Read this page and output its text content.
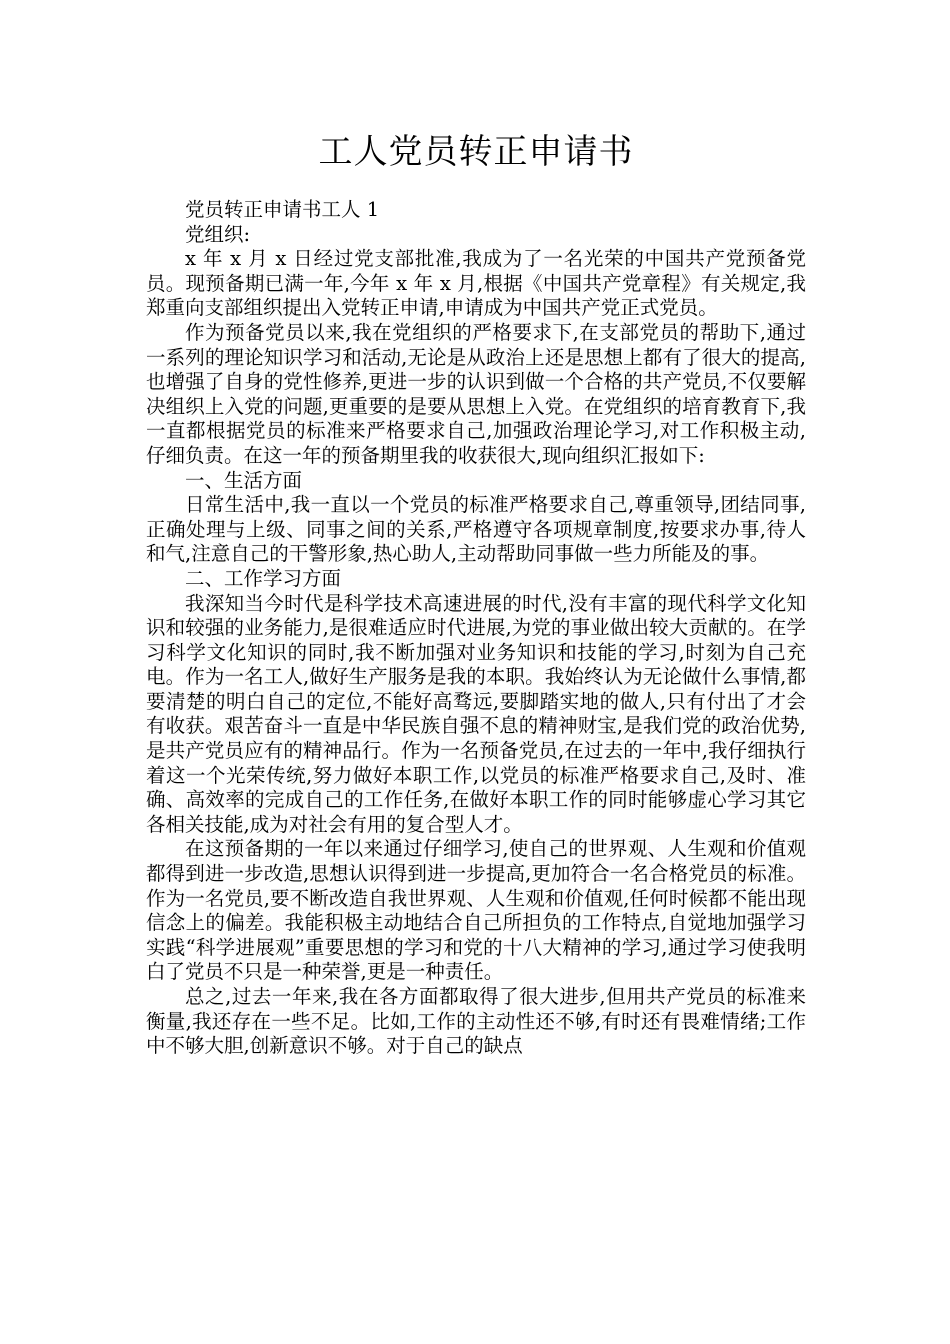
工人党员转正申请书

党员转正申请书工人 1

党组织:

x 年 x 月 x 日经过党支部批准,我成为了一名光荣的中国共产党预备党员。现预备期已满一年,今年 x 年 x 月,根据《中国共产党章程》有关规定,我郑重向支部组织提出入党转正申请,申请成为中国共产党正式党员。

作为预备党员以来,我在党组织的严格要求下,在支部党员的帮助下,通过一系列的理论知识学习和活动,无论是从政治上还是思想上都有了很大的提高,也增强了自身的党性修养,更进一步的认识到做一个合格的共产党员,不仅要解决组织上入党的问题,更重要的是要从思想上入党。在党组织的培育教育下,我一直都根据党员的标准来严格要求自己,加强政治理论学习,对工作积极主动,仔细负责。在这一年的预备期里我的收获很大,现向组织汇报如下:

一、生活方面

日常生活中,我一直以一个党员的标准严格要求自己,尊重领导,团结同事,正确处理与上级、同事之间的关系,严格遵守各项规章制度,按要求办事,待人和气,注意自己的干警形象,热心助人,主动帮助同事做一些力所能及的事。

二、工作学习方面

我深知当今时代是科学技术高速进展的时代,没有丰富的现代科学文化知识和较强的业务能力,是很难适应时代进展,为党的事业做出较大贡献的。在学习科学文化知识的同时,我不断加强对业务知识和技能的学习,时刻为自己充电。作为一名工人,做好生产服务是我的本职。我始终认为无论做什么事情,都要清楚的明白自己的定位,不能好高骛远,要脚踏实地的做人,只有付出了才会有收获。艰苦奋斗一直是中华民族自强不息的精神财宝,是我们党的政治优势,是共产党员应有的精神品行。作为一名预备党员,在过去的一年中,我仔细执行着这一个光荣传统,努力做好本职工作,以党员的标准严格要求自己,及时、准确、高效率的完成自己的工作任务,在做好本职工作的同时能够虚心学习其它各相关技能,成为对社会有用的复合型人才。

在这预备期的一年以来通过仔细学习,使自己的世界观、人生观和价值观都得到进一步改造,思想认识得到进一步提高,更加符合一名合格党员的标准。作为一名党员,要不断改造自我世界观、人生观和价值观,任何时候都不能出现信念上的偏差。我能积极主动地结合自己所担负的工作特点,自觉地加强学习实践“科学进展观”重要思想的学习和党的十八大精神的学习,通过学习使我明白了党员不只是一种荣誉,更是一种责任。

总之,过去一年来,我在各方面都取得了很大进步,但用共产党员的标准来衡量,我还存在一些不足。比如,工作的主动性还不够,有时还有畏难情绪;工作中不够大胆,创新意识不够。对于自己的缺点
